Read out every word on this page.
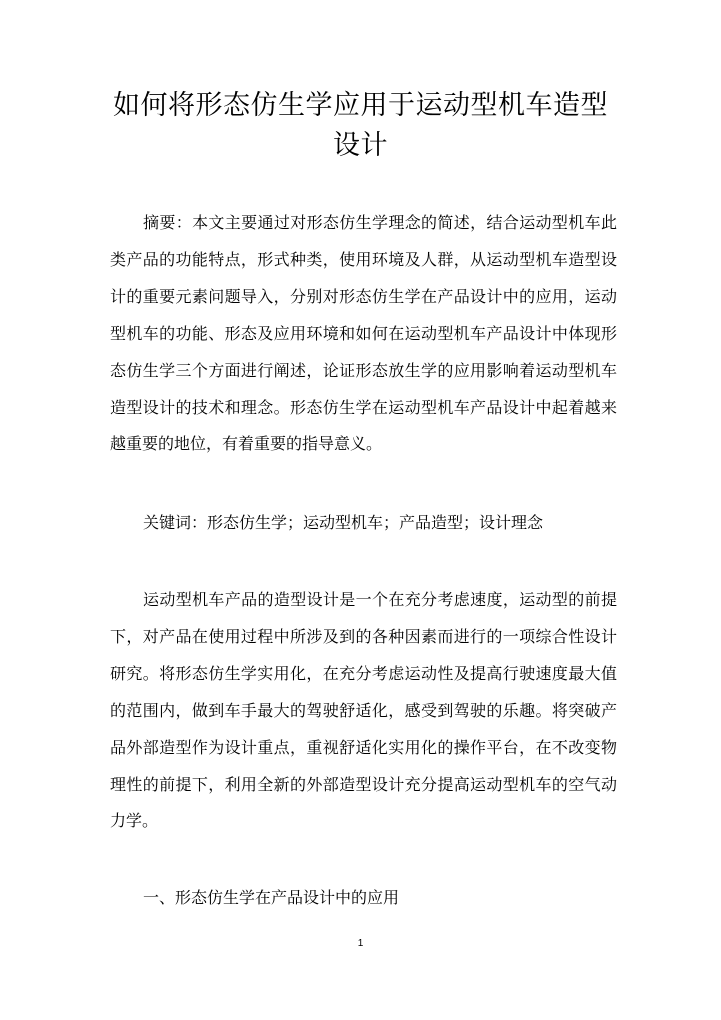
如何将形态仿生学应用于运动型机车造型设计

摘要：本文主要通过对形态仿生学理念的简述，结合运动型机车此类产品的功能特点，形式种类，使用环境及人群，从运动型机车造型设计的重要元素问题导入，分别对形态仿生学在产品设计中的应用，运动型机车的功能、形态及应用环境和如何在运动型机车产品设计中体现形态仿生学三个方面进行阐述，论证形态放生学的应用影响着运动型机车造型设计的技术和理念。形态仿生学在运动型机车产品设计中起着越来越重要的地位，有着重要的指导意义。

关键词：形态仿生学；运动型机车；产品造型；设计理念

运动型机车产品的造型设计是一个在充分考虑速度，运动型的前提下，对产品在使用过程中所涉及到的各种因素而进行的一项综合性设计研究。将形态仿生学实用化，在充分考虑运动性及提高行驶速度最大值的范围内，做到车手最大的驾驶舒适化，感受到驾驶的乐趣。将突破产品外部造型作为设计重点，重视舒适化实用化的操作平台，在不改变物理性的前提下，利用全新的外部造型设计充分提高运动型机车的空气动力学。

一、形态仿生学在产品设计中的应用

1
